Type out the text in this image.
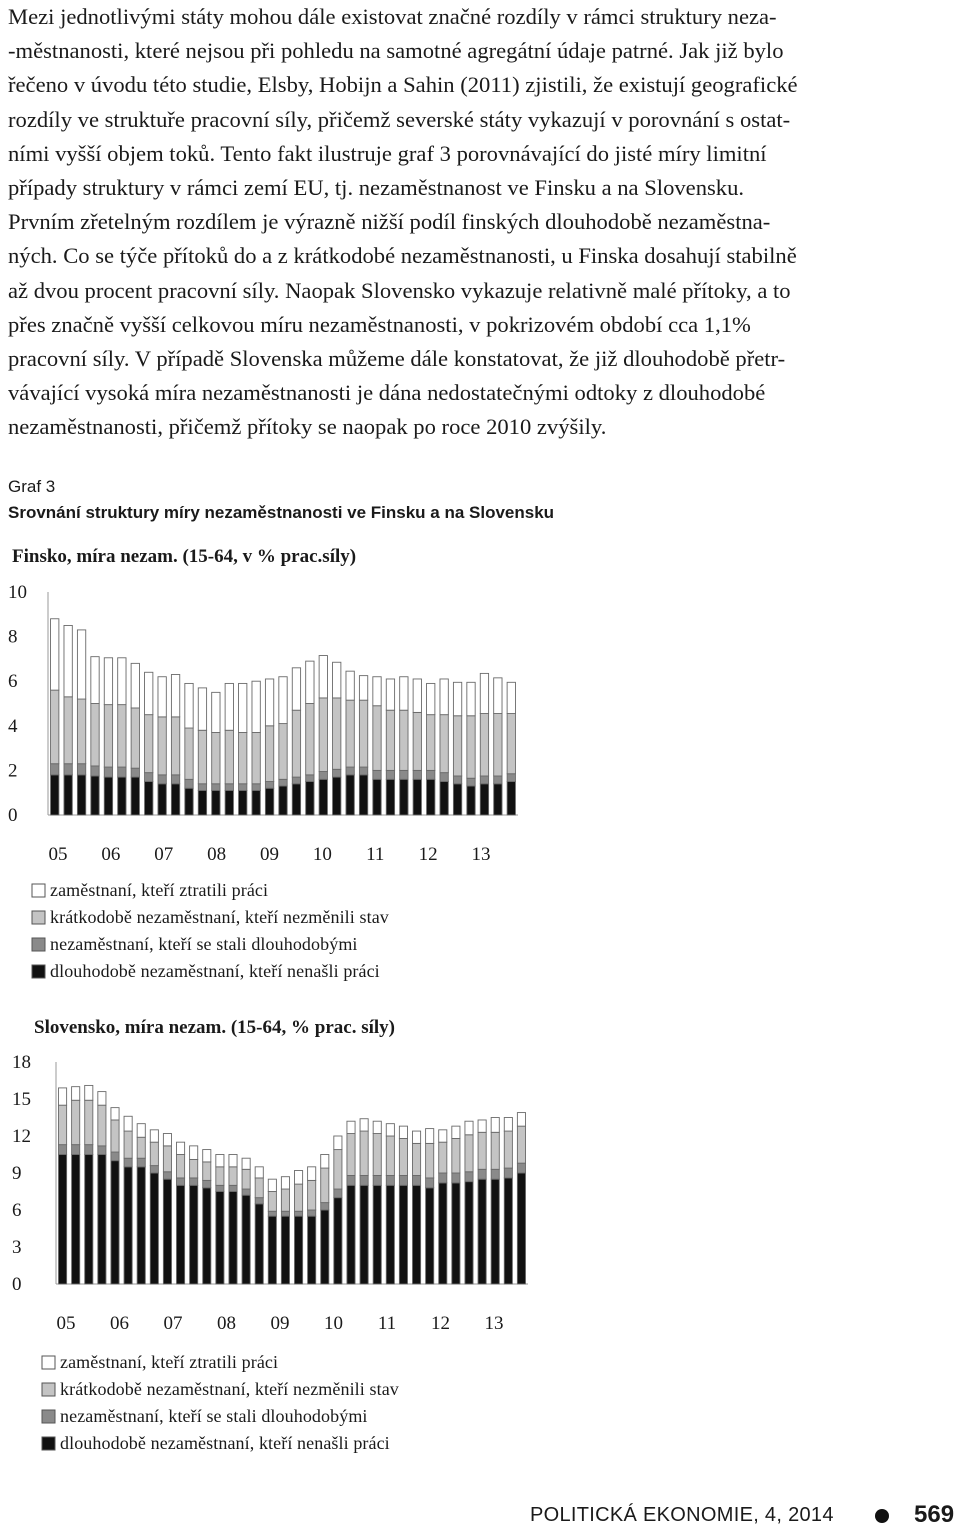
Mezi jednotlivými státy mohou dále existovat značné rozdíly v rámci struktury neza-

-městnanosti, které nejsou při pohledu na samotné agregátní údaje patrné. Jak již bylo

řečeno v úvodu této studie, Elsby, Hobijn a Sahin (2011) zjistili, že existují geografické

rozdíly ve struktuře pracovní síly, přičemž severské státy vykazují v porovnání s ostat-

ními vyšší objem toků. Tento fakt ilustruje graf 3 porovnávající do jisté míry limitní

případy struktury v rámci zemí EU, tj. nezaměstnanost ve Finsku a na Slovensku.

Prvním zřetelným rozdílem je výrazně nižší podíl finských dlouhodobě nezaměstna-

ných. Co se týče přítoků do a z krátkodobé nezaměstnanosti, u Finska dosahují stabilně

až dvou procent pracovní síly. Naopak Slovensko vykazuje relativně malé přítoky, a to

přes značně vyšší celkovou míru nezaměstnanosti, v pokrizovém období cca 1,1%

pracovní síly. V případě Slovenska můžeme dále konstatovat, že již dlouhodobě přetr-

vávající vysoká míra nezaměstnanosti je dána nedostatečnými odtoky z dlouhodobé

nezaměstnanosti, přičemž přítoky se naopak po roce 2010 zvýšily.

Graf 3
Srovnání struktury míry nezaměstnanosti ve Finsku a na Slovensku
Finsko, míra nezam. (15-64, v % prac.síly)
0
2
4
6
8
10
05 06 07 08 09 10 11 12 13
zaměstnaní, kteří ztratili práci
krátkodobě nezaměstnaní, kteří nezměnili stav
nezaměstnaní, kteří se stali dlouhodobými
dlouhodobě nezaměstnaní, kteří nenašli práci
Slovensko, míra nezam. (15-64, % prac. síly)
0
3
6
9
12
15
18
05 06 07 08 09 10 11 12 13
zaměstnaní, kteří ztratili práci
krátkodobě nezaměstnaní, kteří nezměnili stav
nezaměstnaní, kteří se stali dlouhodobými
dlouhodobě nezaměstnaní, kteří nenašli práci
POLITICKÁ EKONOMIE, 4, 2014	569
